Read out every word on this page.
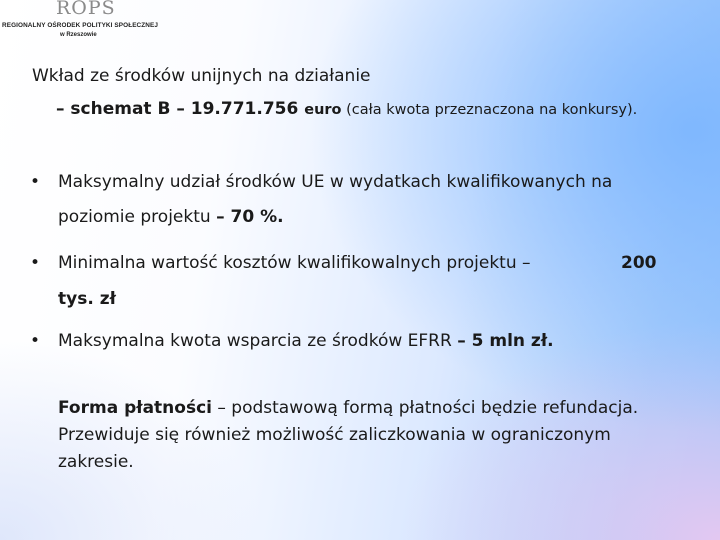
ROPS
REGIONALNY OŚRODEK POLITYKI SPOŁECZNEJ
w Rzeszowie
Wkład ze środków unijnych na działanie
– schemat B – 19.771.756 euro (cała kwota przeznaczona na konkursy).
• Maksymalny udział środków UE w wydatkach kwalifikowanych na
poziomie projektu – 70 %.
• Minimalna wartość kosztów kwalifikowalnych projektu –	200
tys. zł
• Maksymalna kwota wsparcia ze środków EFRR – 5 mln zł.
Forma płatności – podstawową formą płatności będzie refundacja.
Przewiduje się również możliwość zaliczkowania w ograniczonym
zakresie.
